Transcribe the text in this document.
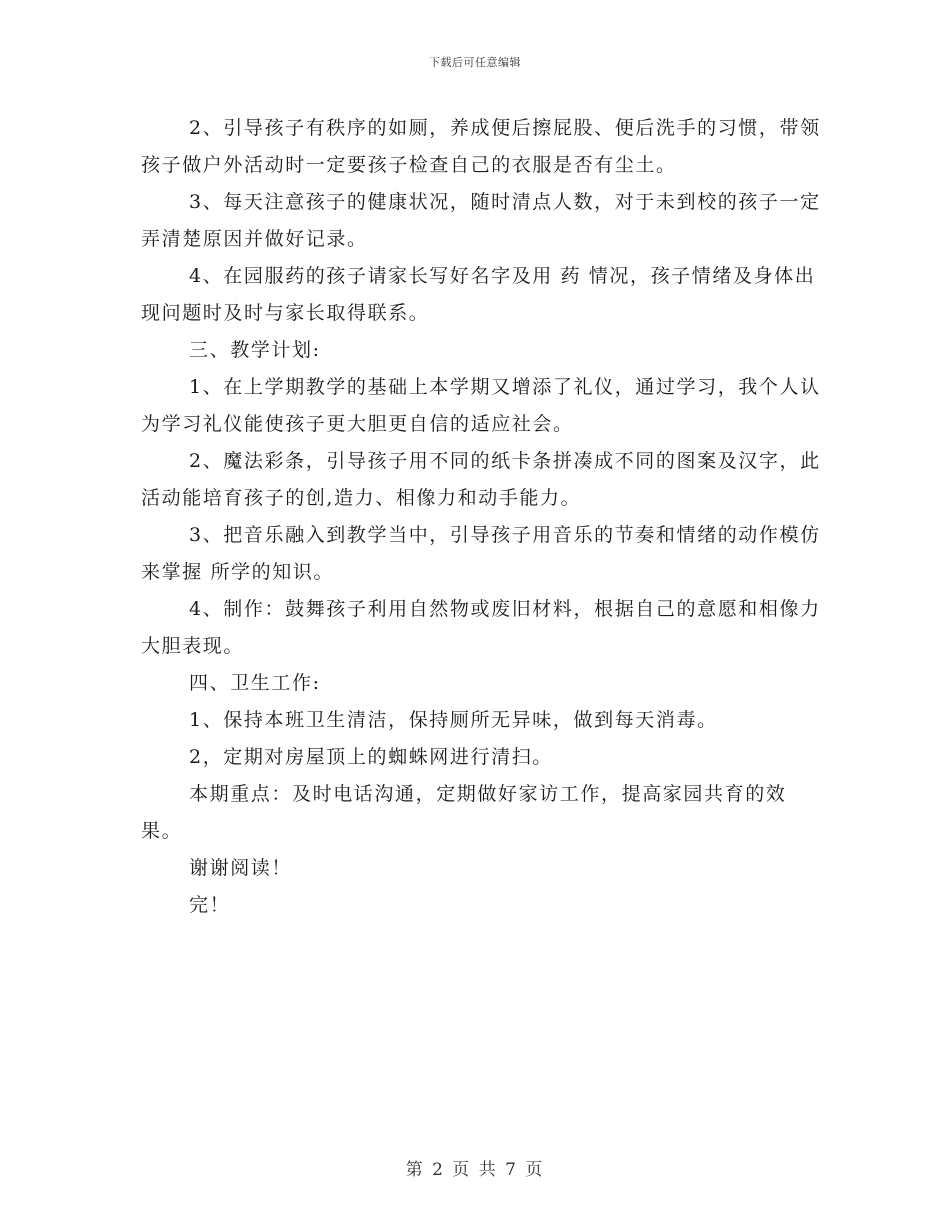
下载后可任意编辑

2、引导孩子有秩序的如厕，养成便后擦屁股、便后洗手的习惯，带领孩子做户外活动时一定要孩子检查自己的衣服是否有尘土。

3、每天注意孩子的健康状况，随时清点人数，对于未到校的孩子一定弄清楚原因并做好记录。

4、在园服药的孩子请家长写好名字及用 药 情况，孩子情绪及身体出现问题时及时与家长取得联系。

三、教学计划:

1、在上学期教学的基础上本学期又增添了礼仪，通过学习，我个人认为学习礼仪能使孩子更大胆更自信的适应社会。

2、魔法彩条，引导孩子用不同的纸卡条拼凑成不同的图案及汉字，此活动能培育孩子的创,造力、相像力和动手能力。

3、把音乐融入到教学当中，引导孩子用音乐的节奏和情绪的动作模仿来掌握 所学的知识。

4、制作：鼓舞孩子利用自然物或废旧材料，根据自己的意愿和相像力大胆表现。

四、卫生工作:

1、保持本班卫生清洁，保持厕所无异味，做到每天消毒。

2，定期对房屋顶上的蜘蛛网进行清扫。

本期重点：及时电话沟通，定期做好家访工作，提高家园共育的效果。

谢谢阅读！

完！

第 2 页 共 7 页
